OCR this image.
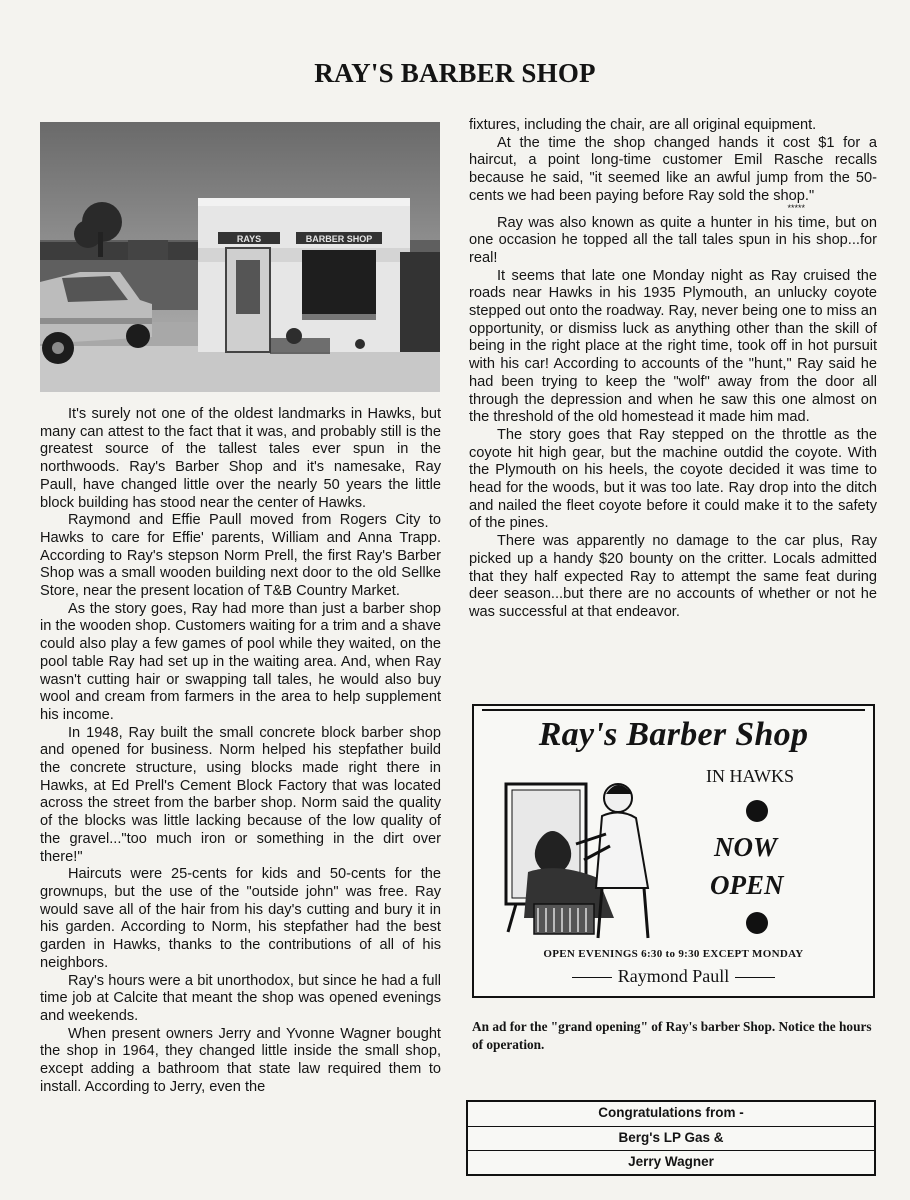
RAY'S BARBER SHOP
RAYS	BARBER SHOP

It's surely not one of the oldest landmarks in Hawks, but many can attest to the fact that it was, and probably still is the greatest source of the tallest tales ever spun in the northwoods. Ray's Barber Shop and it's namesake, Ray Paull, have changed little over the nearly 50 years the little block building has stood near the center of Hawks.

Raymond and Effie Paull moved from Rogers City to Hawks to care for Effie' parents, William and Anna Trapp. According to Ray's stepson Norm Prell, the first Ray's Barber Shop was a small wooden building next door to the old Sellke Store, near the present location of T&B Country Market.

As the story goes, Ray had more than just a barber shop in the wooden shop. Customers waiting for a trim and a shave could also play a few games of pool while they waited, on the pool table Ray had set up in the waiting area. And, when Ray wasn't cutting hair or swapping tall tales, he would also buy wool and cream from farmers in the area to help supplement his income.

In 1948, Ray built the small concrete block barber shop and opened for business. Norm helped his stepfather build the concrete structure, using blocks made right there in Hawks, at Ed Prell's Cement Block Factory that was located across the street from the barber shop. Norm said the quality of the blocks was little lacking because of the low quality of the gravel..."too much iron or something in the dirt over there!"

Haircuts were 25-cents for kids and 50-cents for the grownups, but the use of the "outside john" was free. Ray would save all of the hair from his day's cutting and bury it in his garden. According to Norm, his stepfather had the best garden in Hawks, thanks to the contributions of all of his neighbors.

Ray's hours were a bit unorthodox, but since he had a full time job at Calcite that meant the shop was opened evenings and weekends.

When present owners Jerry and Yvonne Wagner bought the shop in 1964, they changed little inside the small shop, except adding a bathroom that state law required them to install. According to Jerry, even the

fixtures, including the chair, are all original equipment.

At the time the shop changed hands it cost $1 for a haircut, a point long-time customer Emil Rasche recalls because he said, "it seemed like an awful jump from the 50-cents we had been paying before Ray sold the shop."

*****

Ray was also known as quite a hunter in his time, but on one occasion he topped all the tall tales spun in his shop...for real!

It seems that late one Monday night as Ray cruised the roads near Hawks in his 1935 Plymouth, an unlucky coyote stepped out onto the roadway. Ray, never being one to miss an opportunity, or dismiss luck as anything other than the skill of being in the right place at the right time, took off in hot pursuit with his car! According to accounts of the "hunt," Ray said he had been trying to keep the "wolf" away from the door all through the depression and when he saw this one almost on the threshold of the old homestead it made him mad.

The story goes that Ray stepped on the throttle as the coyote hit high gear, but the machine outdid the coyote. With the Plymouth on his heels, the coyote decided it was time to head for the woods, but it was too late. Ray drop into the ditch and nailed the fleet coyote before it could make it to the safety of the pines.

There was apparently no damage to the car plus, Ray picked up a handy $20 bounty on the critter. Locals admitted that they half expected Ray to attempt the same feat during deer season...but there are no accounts of whether or not he was successful at that endeavor.

Ray's Barber Shop
IN HAWKS
NOW
OPEN
OPEN EVENINGS 6:30 to 9:30 EXCEPT MONDAY
Raymond Paull
An ad for the "grand opening" of Ray's barber Shop. Notice the hours of operation.
Congratulations from -
Berg's LP Gas &
Jerry Wagner
